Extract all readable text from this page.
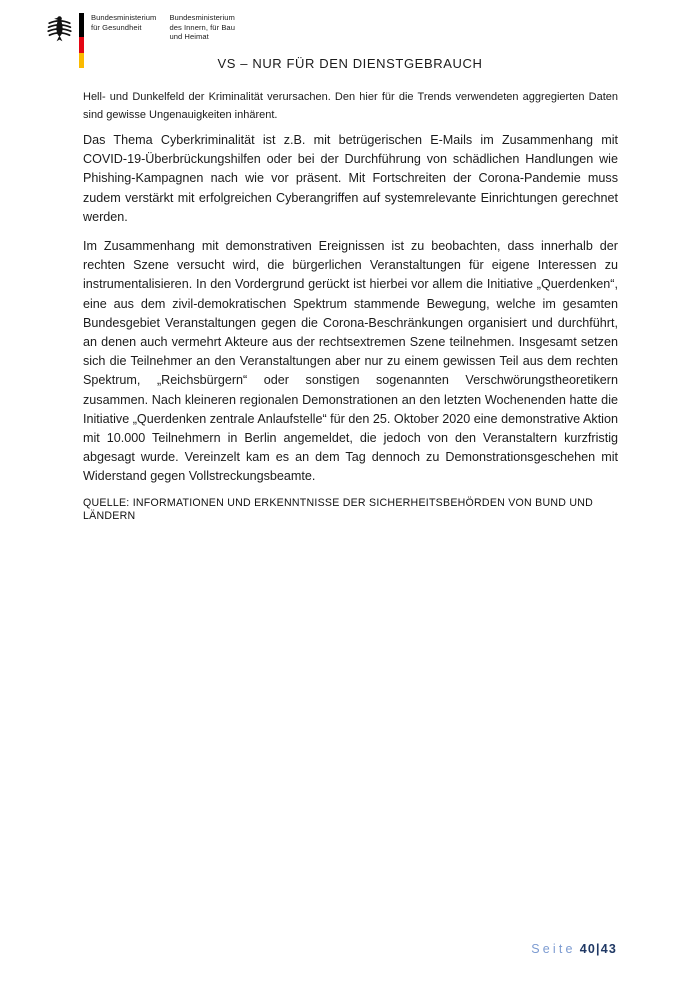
Bundesministerium
für Gesundheit
Bundesministerium
des Innern, für Bau
und Heimat
VS – NUR FÜR DEN DIENSTGEBRAUCH

Hell- und Dunkelfeld der Kriminalität verursachen. Den hier für die Trends verwendeten aggregierten Daten sind gewisse Ungenauigkeiten inhärent.

Das Thema Cyberkriminalität ist z.B. mit betrügerischen E-Mails im Zusammenhang mit COVID-19-Überbrückungshilfen oder bei der Durchführung von schädlichen Handlungen wie Phishing-Kampagnen nach wie vor präsent. Mit Fortschreiten der Corona-Pandemie muss zudem verstärkt mit erfolgreichen Cyberangriffen auf systemrelevante Einrichtungen gerechnet werden.

Im Zusammenhang mit demonstrativen Ereignissen ist zu beobachten, dass innerhalb der rechten Szene versucht wird, die bürgerlichen Veranstaltungen für eigene Interessen zu instrumentalisieren. In den Vordergrund gerückt ist hierbei vor allem die Initiative „Querdenken“, eine aus dem zivil-demokratischen Spektrum stammende Bewegung, welche im gesamten Bundesgebiet Veranstaltungen gegen die Corona-Beschränkungen organisiert und durchführt, an denen auch vermehrt Akteure aus der rechtsextremen Szene teilnehmen. Insgesamt setzen sich die Teilnehmer an den Veranstaltungen aber nur zu einem gewissen Teil aus dem rechten Spektrum, „Reichsbürgern“ oder sonstigen sogenannten Verschwörungstheoretikern zusammen. Nach kleineren regionalen Demonstrationen an den letzten Wochenenden hatte die Initiative „Querdenken zentrale Anlaufstelle“ für den 25. Oktober 2020 eine demonstrative Aktion mit 10.000 Teilnehmern in Berlin angemeldet, die jedoch von den Veranstaltern kurzfristig abgesagt wurde. Vereinzelt kam es an dem Tag dennoch zu Demonstrationsgeschehen mit Widerstand gegen Vollstreckungsbeamte.

QUELLE: INFORMATIONEN UND ERKENNTNISSE DER SICHERHEITSBEHÖRDEN VON BUND UND LÄNDERN

Seite 40|43
